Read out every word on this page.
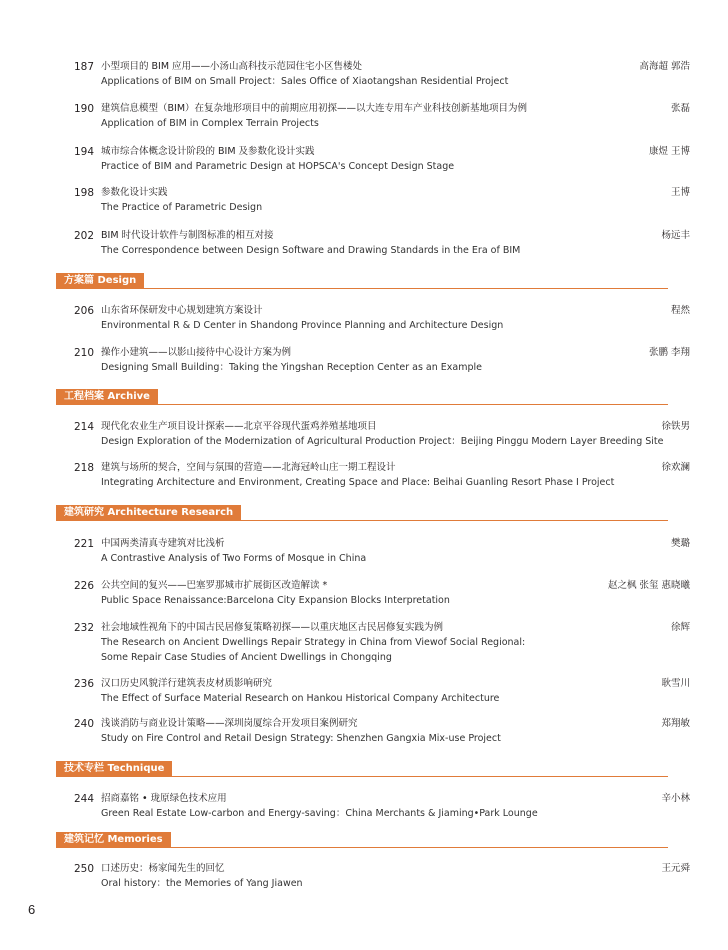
187 小型项目的 BIM 应用——小汤山高科技示范园住宅小区售楼处
Applications of BIM on Small Project：Sales Office of Xiaotangshan Residential Project
高海超 郭浩
190 建筑信息模型（BIM）在复杂地形项目中的前期应用初探——以大连专用车产业科技创新基地项目为例
Application of BIM in Complex Terrain Projects
张磊
194 城市综合体概念设计阶段的 BIM 及参数化设计实践
Practice of BIM and Parametric Design at HOPSCA's Concept Design Stage
康煜 王博
198 参数化设计实践
The Practice of Parametric Design
王博
202 BIM 时代设计软件与制图标准的相互对接
The Correspondence between Design Software and Drawing Standards in the Era of BIM
杨远丰
方案篇 Design
206 山东省环保研发中心规划建筑方案设计
Environmental R & D Center in Shandong Province Planning and Architecture Design
程然
210 操作小建筑——以影山接待中心设计方案为例
Designing Small Building：Taking the Yingshan Reception Center as an Example
张鹏 李翔
工程档案 Archive
214 现代化农业生产项目设计探索——北京平谷现代蛋鸡养殖基地项目
Design Exploration of the Modernization of Agricultural Production Project：Beijing Pinggu Modern Layer Breeding Site
徐铁男
218 建筑与场所的契合，空间与氛围的营造——北海冠岭山庄一期工程设计
Integrating Architecture and Environment, Creating Space and Place: Beihai Guanling Resort Phase I Project
徐欢澜
建筑研究 Architecture Research
221 中国两类清真寺建筑对比浅析
A Contrastive Analysis of Two Forms of Mosque in China
樊璐
226 公共空间的复兴——巴塞罗那城市扩展街区改造解读 *
Public Space Renaissance:Barcelona City Expansion Blocks Interpretation
赵之枫 张玺 惠晓曦
232 社会地域性视角下的中国古民居修复策略初探——以重庆地区古民居修复实践为例
The Research on Ancient Dwellings Repair Strategy in China from Viewof Social Regional:
Some Repair Case Studies of Ancient Dwellings in Chongqing
徐辉
236 汉口历史风貌洋行建筑表皮材质影响研究
The Effect of Surface Material Research on Hankou Historical Company Architecture
耿雪川
240 浅谈消防与商业设计策略——深圳岗厦综合开发项目案例研究
Study on Fire Control and Retail Design Strategy: Shenzhen Gangxia Mix-use Project
郑翔敏
技术专栏 Technique
244 招商嘉铭 • 珑原绿色技术应用
Green Real Estate Low-carbon and Energy-saving：China Merchants & Jiaming•Park Lounge
辛小林
建筑记忆 Memories
250 口述历史：杨家闻先生的回忆
Oral history：the Memories of Yang Jiawen
王元舜
6
